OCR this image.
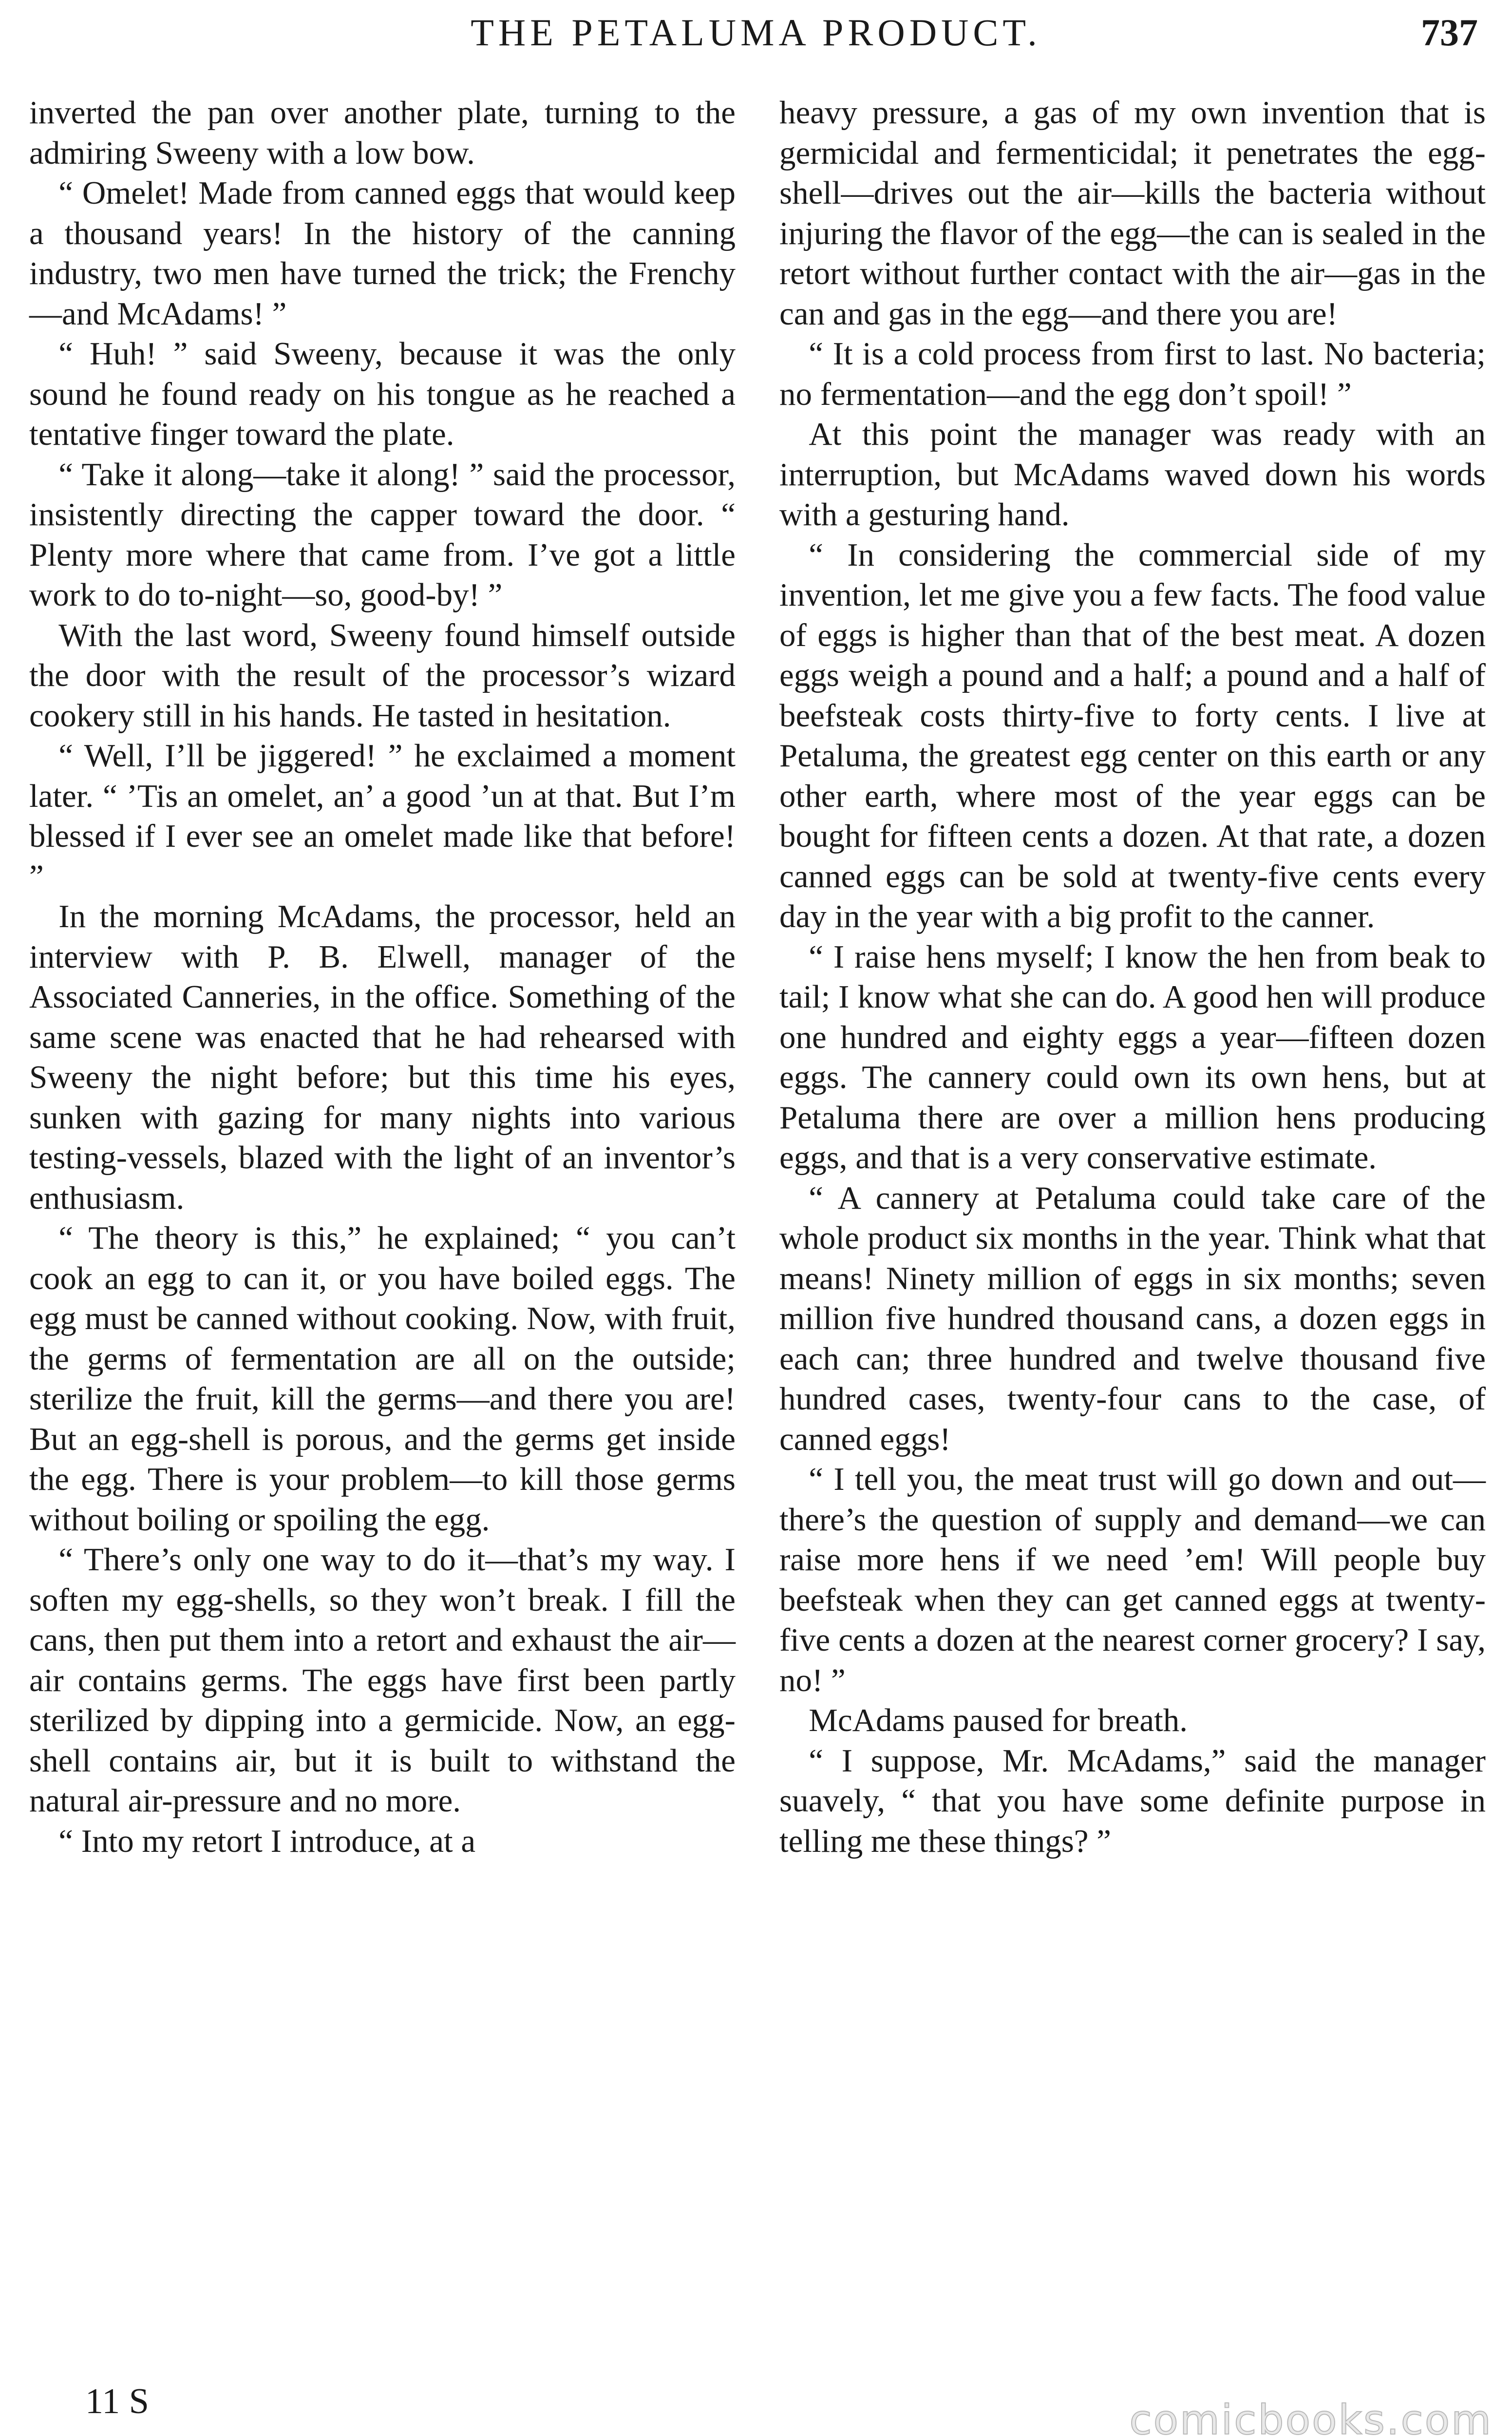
THE PETALUMA PRODUCT.	737

inverted the pan over another plate, turning to the admiring Sweeny with a low bow.

“ Omelet! Made from canned eggs that would keep a thousand years! In the history of the canning industry, two men have turned the trick; the Frenchy —and McAdams! ”

“ Huh! ” said Sweeny, because it was the only sound he found ready on his tongue as he reached a tentative finger toward the plate.

“ Take it along—take it along! ” said the processor, insistently directing the capper toward the door. “ Plenty more where that came from. I’ve got a little work to do to-night—so, good-by! ”

With the last word, Sweeny found himself outside the door with the result of the processor’s wizard cookery still in his hands. He tasted in hesitation.

“ Well, I’ll be jiggered! ” he exclaimed a moment later. “ ’Tis an omelet, an’ a good ’un at that. But I’m blessed if I ever see an omelet made like that before! ”

In the morning McAdams, the processor, held an interview with P. B. Elwell, manager of the Associated Canneries, in the office. Something of the same scene was enacted that he had rehearsed with Sweeny the night before; but this time his eyes, sunken with gazing for many nights into various testing-vessels, blazed with the light of an inventor’s enthusiasm.

“ The theory is this,” he explained; “ you can’t cook an egg to can it, or you have boiled eggs. The egg must be canned without cooking. Now, with fruit, the germs of fermentation are all on the outside; sterilize the fruit, kill the germs—and there you are! But an egg-shell is porous, and the germs get inside the egg. There is your problem—to kill those germs without boiling or spoiling the egg.

“ There’s only one way to do it—that’s my way. I soften my egg-shells, so they won’t break. I fill the cans, then put them into a retort and exhaust the air—air contains germs. The eggs have first been partly sterilized by dipping into a germicide. Now, an egg-shell contains air, but it is built to withstand the natural air-pressure and no more.

“ Into my retort I introduce, at a

heavy pressure, a gas of my own invention that is germicidal and fermenticidal; it penetrates the egg-shell—drives out the air—kills the bacteria without injuring the flavor of the egg—the can is sealed in the retort without further contact with the air—gas in the can and gas in the egg—and there you are!

“ It is a cold process from first to last. No bacteria; no fermentation—and the egg don’t spoil! ”

At this point the manager was ready with an interruption, but McAdams waved down his words with a gesturing hand.

“ In considering the commercial side of my invention, let me give you a few facts. The food value of eggs is higher than that of the best meat. A dozen eggs weigh a pound and a half; a pound and a half of beefsteak costs thirty-five to forty cents. I live at Petaluma, the greatest egg center on this earth or any other earth, where most of the year eggs can be bought for fifteen cents a dozen. At that rate, a dozen canned eggs can be sold at twenty-five cents every day in the year with a big profit to the canner.

“ I raise hens myself; I know the hen from beak to tail; I know what she can do. A good hen will produce one hundred and eighty eggs a year—fifteen dozen eggs. The cannery could own its own hens, but at Petaluma there are over a million hens producing eggs, and that is a very conservative estimate.

“ A cannery at Petaluma could take care of the whole product six months in the year. Think what that means! Ninety million of eggs in six months; seven million five hundred thousand cans, a dozen eggs in each can; three hundred and twelve thousand five hundred cases, twenty-four cans to the case, of canned eggs!

“ I tell you, the meat trust will go down and out—there’s the question of supply and demand—we can raise more hens if we need ’em! Will people buy beefsteak when they can get canned eggs at twenty-five cents a dozen at the nearest corner grocery? I say, no! ”

McAdams paused for breath.

“ I suppose, Mr. McAdams,” said the manager suavely, “ that you have some definite purpose in telling me these things? ”

11 S	comicbooks.com
